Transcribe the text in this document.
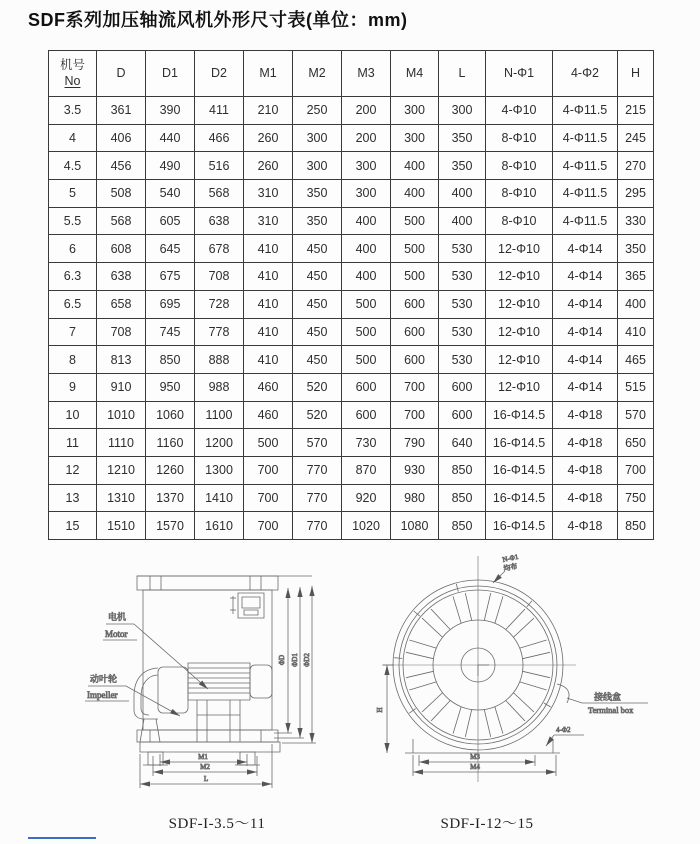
SDF系列加压轴流风机外形尺寸表(单位：mm)
机号
No	D	D1	D2	M1	M2	M3	M4	L	N-Φ1	4-Φ2	H

3.5	361	390	411	210	250	200	300	300	4-Φ10	4-Φ11.5	215
4	406	440	466	260	300	200	300	350	8-Φ10	4-Φ11.5	245
4.5	456	490	516	260	300	300	400	350	8-Φ10	4-Φ11.5	270
5	508	540	568	310	350	300	400	400	8-Φ10	4-Φ11.5	295
5.5	568	605	638	310	350	400	500	400	8-Φ10	4-Φ11.5	330
6	608	645	678	410	450	400	500	530	12-Φ10	4-Φ14	350
6.3	638	675	708	410	450	400	500	530	12-Φ10	4-Φ14	365
6.5	658	695	728	410	450	500	600	530	12-Φ10	4-Φ14	400
7	708	745	778	410	450	500	600	530	12-Φ10	4-Φ14	410
8	813	850	888	410	450	500	600	530	12-Φ10	4-Φ14	465
9	910	950	988	460	520	600	700	600	12-Φ10	4-Φ14	515
10	1010	1060	1100	460	520	600	700	600	16-Φ14.5	4-Φ18	570
11	1110	1160	1200	500	570	730	790	640	16-Φ14.5	4-Φ18	650
12	1210	1260	1300	700	770	870	930	850	16-Φ14.5	4-Φ18	700
13	1310	1370	1410	700	770	920	980	850	16-Φ14.5	4-Φ18	750
15	1510	1570	1610	700	770	1020	1080	850	16-Φ14.5	4-Φ18	850
ΦD ΦD1 ΦD2
M1
M2
L
电机
Motor
动叶轮
Impeller	接线盒
Terminal box
N-Φ1
均布
H
M3
M4
4-Φ2
SDF-I-3.5～11	SDF-I-12～15
